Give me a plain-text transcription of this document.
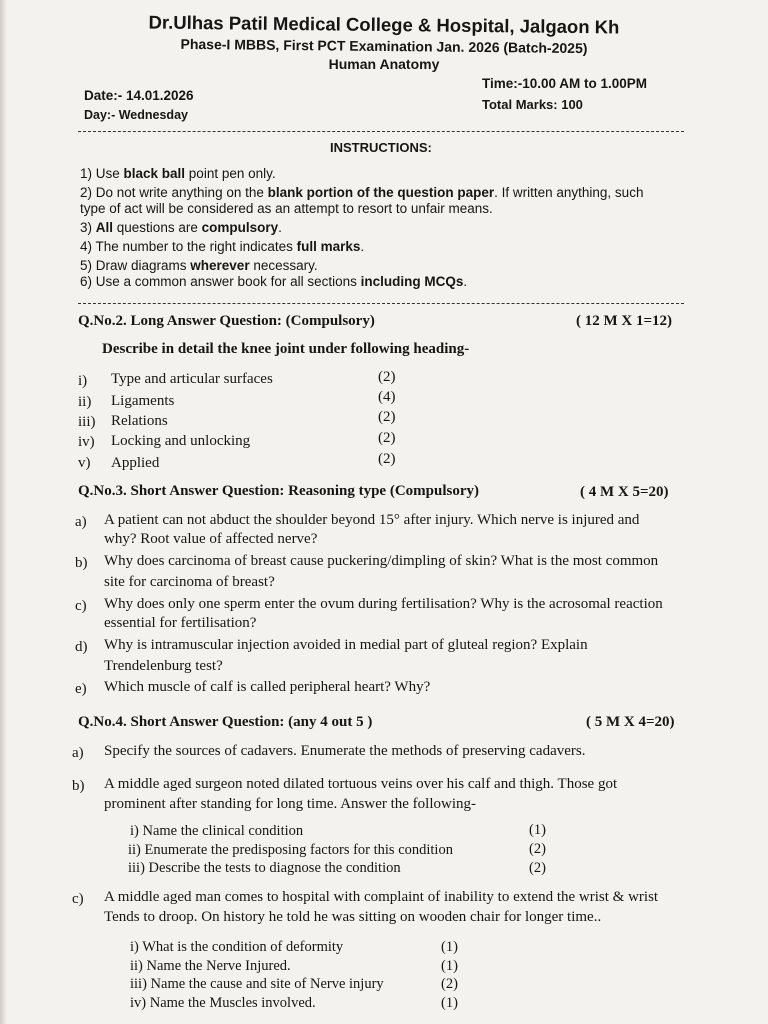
Dr.Ulhas Patil Medical College & Hospital, Jalgaon Kh
Phase-I MBBS, First PCT Examination Jan. 2026 (Batch-2025)
Human Anatomy
Date:- 14.01.2026
Day:- Wednesday
Time:-10.00 AM to 1.00PM
Total Marks: 100
INSTRUCTIONS:
1) Use black ball point pen only.
2) Do not write anything on the blank portion of the question paper. If written anything, such
type of act will be considered as an attempt to resort to unfair means.
3) All questions are compulsory.
4) The number to the right indicates full marks.
5) Draw diagrams wherever necessary.
6) Use a common answer book for all sections including MCQs.
Q.No.2. Long Answer Question: (Compulsory)	( 12 M X 1=12)
Describe in detail the knee joint under following heading-
i) Type and articular surfaces	(2)
ii) Ligaments	(4)
iii) Relations	(2)
iv) Locking and unlocking	(2)
v) Applied	(2)
Q.No.3. Short Answer Question: Reasoning type (Compulsory)	( 4 M X 5=20)
a) A patient can not abduct the shoulder beyond 15° after injury. Which nerve is injured and
why? Root value of affected nerve?
b) Why does carcinoma of breast cause puckering/dimpling of skin? What is the most common
site for carcinoma of breast?
c) Why does only one sperm enter the ovum during fertilisation? Why is the acrosomal reaction
essential for fertilisation?
d) Why is intramuscular injection avoided in medial part of gluteal region? Explain
Trendelenburg test?
e) Which muscle of calf is called peripheral heart? Why?
Q.No.4. Short Answer Question: (any 4 out 5 )	( 5 M X 4=20)
a) Specify the sources of cadavers. Enumerate the methods of preserving cadavers.
b) A middle aged surgeon noted dilated tortuous veins over his calf and thigh. Those got
prominent after standing for long time. Answer the following-
i) Name the clinical condition	(1)
ii) Enumerate the predisposing factors for this condition	(2)
iii) Describe the tests to diagnose the condition	(2)
c) A middle aged man comes to hospital with complaint of inability to extend the wrist & wrist
Tends to droop. On history he told he was sitting on wooden chair for longer time..
i) What is the condition of deformity	(1)
ii) Name the Nerve Injured.	(1)
iii) Name the cause and site of Nerve injury	(2)
iv) Name the Muscles involved.	(1)
